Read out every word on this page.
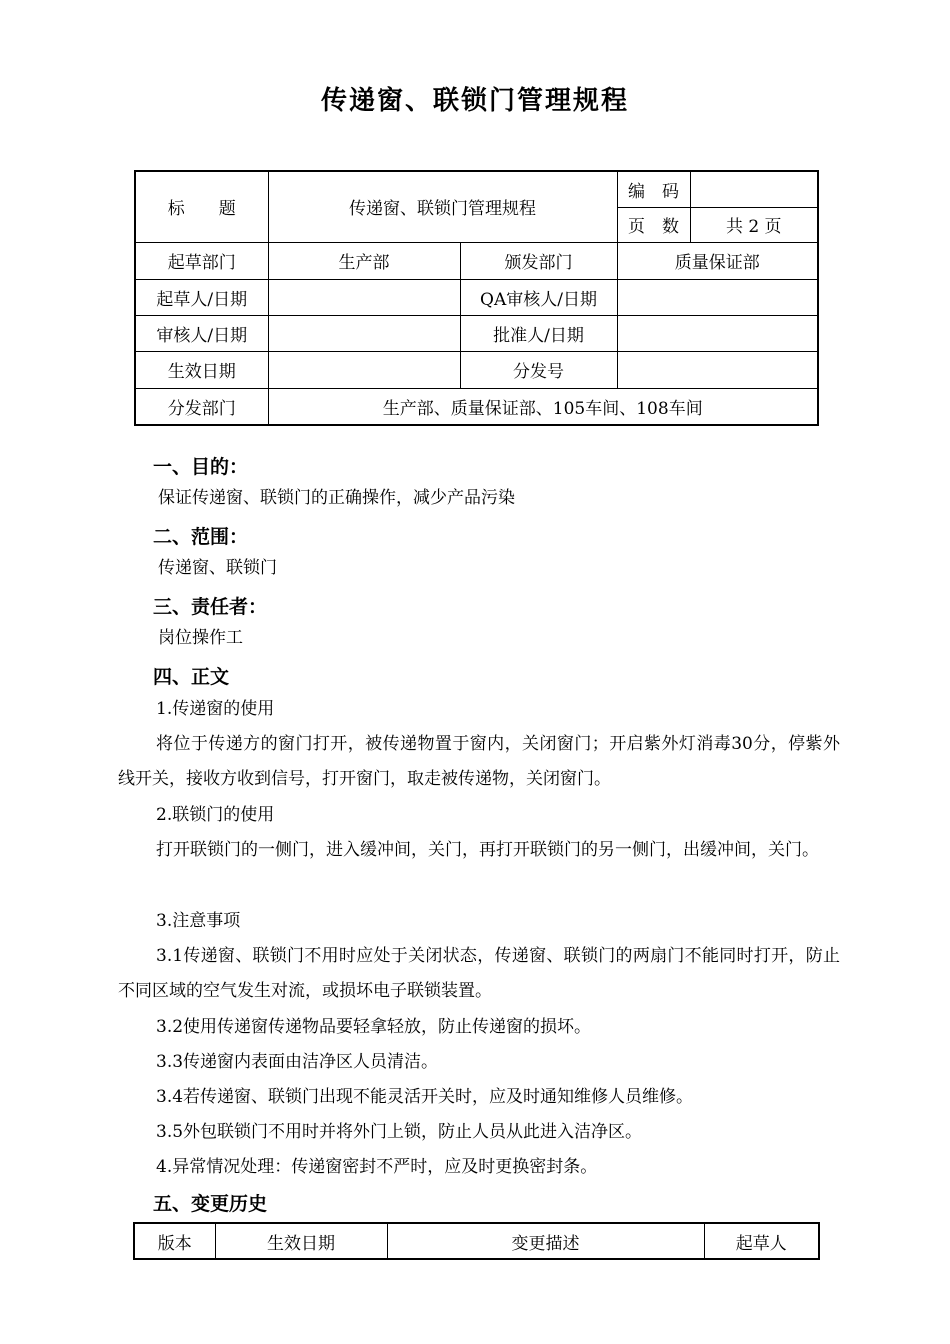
传递窗、联锁门管理规程
标　　题	传递窗、联锁门管理规程		编　码	
			页　数	共 2 页
起草部门	生产部	颁发部门	质量保证部	
起草人/日期		QA审核人/日期		
审核人/日期		批准人/日期		
生效日期		分发号		
分发部门	生产部、质量保证部、105车间、108车间			
一、目的：
保证传递窗、联锁门的正确操作，减少产品污染
二、范围：
传递窗、联锁门
三、责任者：
岗位操作工
四、正文
1.传递窗的使用
将位于传递方的窗门打开，被传递物置于窗内，关闭窗门；开启紫外灯消毒30分，停紫外线开关，接收方收到信号，打开窗门，取走被传递物，关闭窗门。
2.联锁门的使用
打开联锁门的一侧门，进入缓冲间，关门，再打开联锁门的另一侧门，出缓冲间，关门。
3.注意事项
3.1传递窗、联锁门不用时应处于关闭状态，传递窗、联锁门的两扇门不能同时打开，防止不同区域的空气发生对流，或损坏电子联锁装置。
3.2使用传递窗传递物品要轻拿轻放，防止传递窗的损坏。
3.3传递窗内表面由洁净区人员清洁。
3.4若传递窗、联锁门出现不能灵活开关时，应及时通知维修人员维修。
3.5外包联锁门不用时并将外门上锁，防止人员从此进入洁净区。
4.异常情况处理：传递窗密封不严时，应及时更换密封条。
五、变更历史
版本	生效日期	变更描述	起草人
